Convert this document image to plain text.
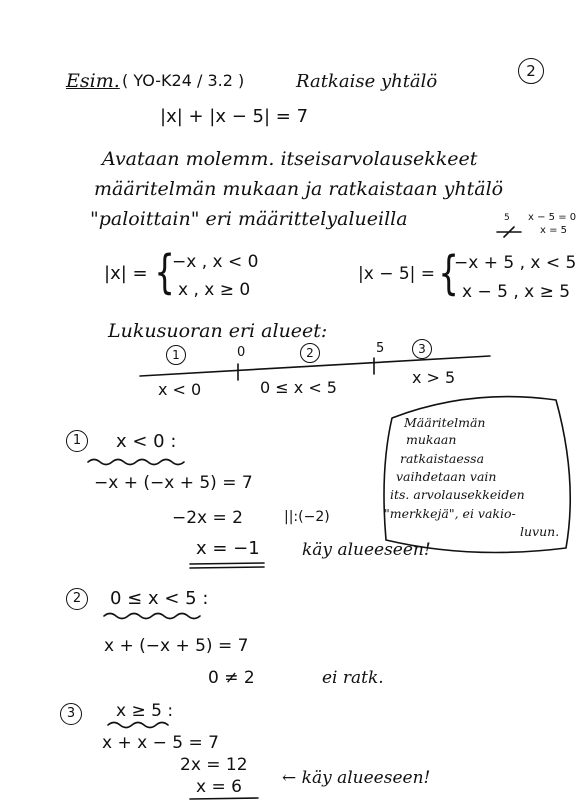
2
Esim. ( YO-K24 / 3.2 )	Ratkaise yhtälö
|x| + |x − 5| = 7
Avataan molemm. itseisarvolausekkeet
määritelmän mukaan ja ratkaistaan yhtälö
"paloittain" eri määrittelyalueilla	5 x − 5 = 0
x = 5
|x| = {
−x , x < 0
x , x ≥ 0
|x − 5| = {
−x + 5 , x < 5
x − 5 , x ≥ 5
Lukusuoran eri alueet:
1	0	2	5	3
x < 0	0 ≤ x < 5
x > 5
1	x < 0 :
−x + (−x + 5) = 7
−2x = 2	||:(−2)
x = −1 käy alueeseen!
Määritelmän
mukaan
ratkaistaessa
vaihdetaan vain
its. arvolausekkeiden
"merkkejä", ei vakio-
luvun.
2	0 ≤ x < 5 :
x + (−x + 5) = 7
0 ≠ 2	ei ratk.
3	x ≥ 5 :
x + x − 5 = 7
2x = 12
x = 6 ← käy alueeseen!
